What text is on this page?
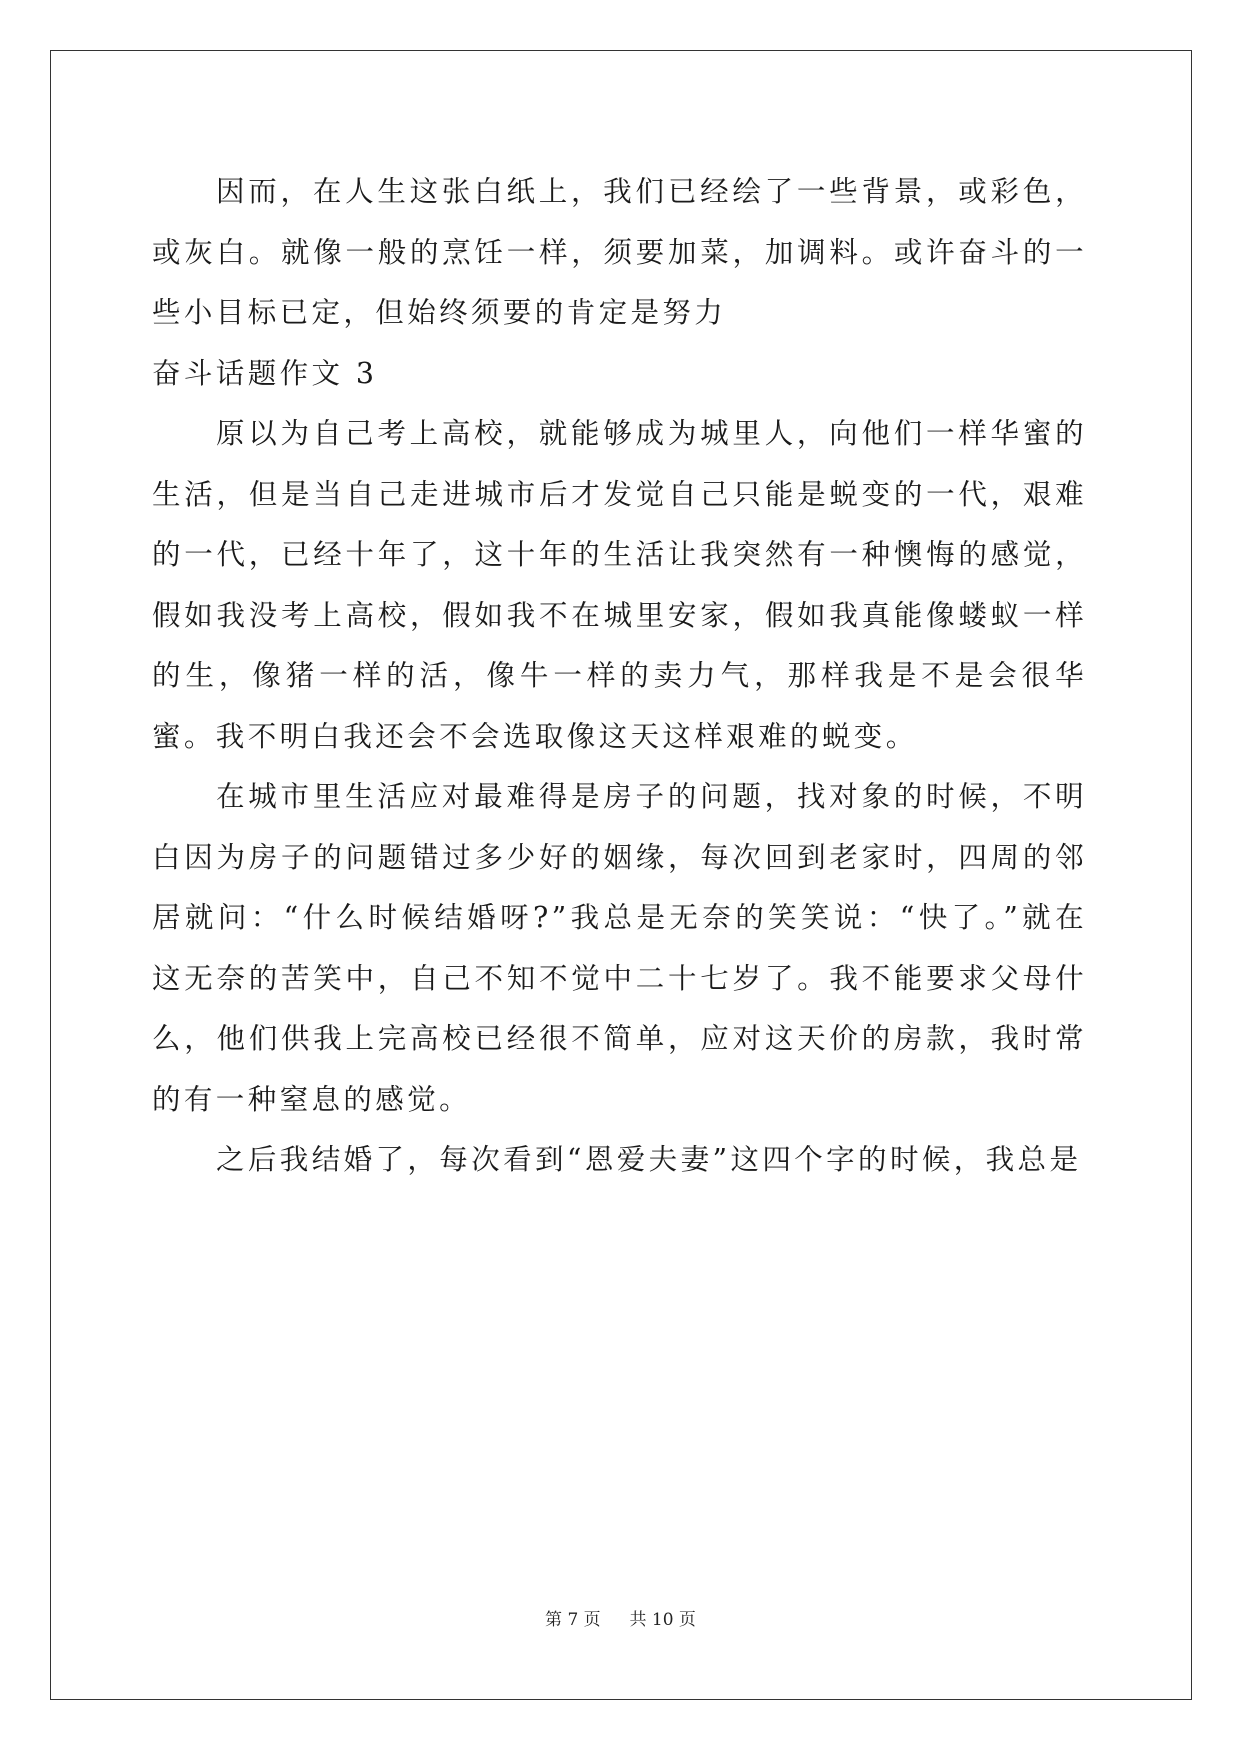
因而，在人生这张白纸上，我们已经绘了一些背景，或彩色，或灰白。就像一般的烹饪一样，须要加菜，加调料。或许奋斗的一些小目标已定，但始终须要的肯定是努力

奋斗话题作文 3

原以为自己考上高校，就能够成为城里人，向他们一样华蜜的生活，但是当自己走进城市后才发觉自己只能是蜕变的一代，艰难的一代，已经十年了，这十年的生活让我突然有一种懊悔的感觉，假如我没考上高校，假如我不在城里安家，假如我真能像蝼蚁一样的生，像猪一样的活，像牛一样的卖力气，那样我是不是会很华蜜。我不明白我还会不会选取像这天这样艰难的蜕变。

在城市里生活应对最难得是房子的问题，找对象的时候，不明白因为房子的问题错过多少好的姻缘，每次回到老家时，四周的邻居就问：“什么时候结婚呀?”我总是无奈的笑笑说：“快了。”就在这无奈的苦笑中，自己不知不觉中二十七岁了。我不能要求父母什么，他们供我上完高校已经很不简单，应对这天价的房款，我时常的有一种窒息的感觉。

之后我结婚了，每次看到“恩爱夫妻”这四个字的时候，我总是

第 7 页 共 10 页
